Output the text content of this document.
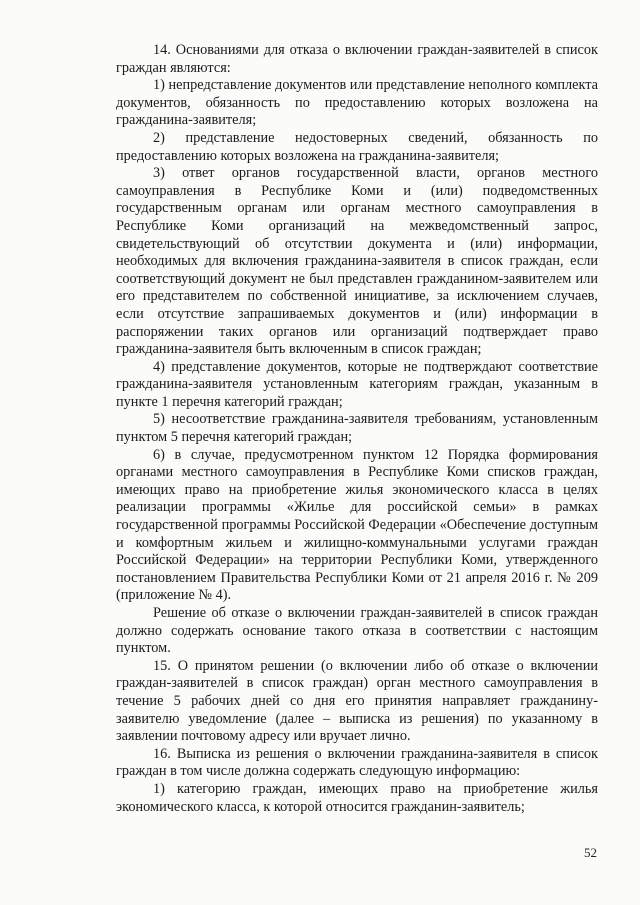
14. Основаниями для отказа о включении граждан-заявителей в список граждан являются:

1) непредставление документов или представление неполного комплекта документов, обязанность по предоставлению которых возложена на гражданина-заявителя;

2) представление недостоверных сведений, обязанность по предоставлению которых возложена на гражданина-заявителя;

3) ответ органов государственной власти, органов местного самоуправления в Республике Коми и (или) подведомственных государственным органам или органам местного самоуправления в Республике Коми организаций на межведомственный запрос, свидетельствующий об отсутствии документа и (или) информации, необходимых для включения гражданина-заявителя в список граждан, если соответствующий документ не был представлен гражданином-заявителем или его представителем по собственной инициативе, за исключением случаев, если отсутствие запрашиваемых документов и (или) информации в распоряжении таких органов или организаций подтверждает право гражданина-заявителя быть включенным в список граждан;

4) представление документов, которые не подтверждают соответствие гражданина-заявителя установленным категориям граждан, указанным в пункте 1 перечня категорий граждан;

5) несоответствие гражданина-заявителя требованиям, установленным пунктом 5 перечня категорий граждан;

6) в случае, предусмотренном пунктом 12 Порядка формирования органами местного самоуправления в Республике Коми списков граждан, имеющих право на приобретение жилья экономического класса в целях реализации программы «Жилье для российской семьи» в рамках государственной программы Российской Федерации «Обеспечение доступным и комфортным жильем и жилищно-коммунальными услугами граждан Российской Федерации» на территории Республики Коми, утвержденного постановлением Правительства Республики Коми от 21 апреля 2016 г. № 209 (приложение № 4).

Решение об отказе о включении граждан-заявителей в список граждан должно содержать основание такого отказа в соответствии с настоящим пунктом.

15. О принятом решении (о включении либо об отказе о включении граждан-заявителей в список граждан) орган местного самоуправления в течение 5 рабочих дней со дня его принятия направляет гражданину-заявителю уведомление (далее – выписка из решения) по указанному в заявлении почтовому адресу или вручает лично.

16. Выписка из решения о включении гражданина-заявителя в список граждан в том числе должна содержать следующую информацию:

1) категорию граждан, имеющих право на приобретение жилья экономического класса, к которой относится гражданин-заявитель;

52
